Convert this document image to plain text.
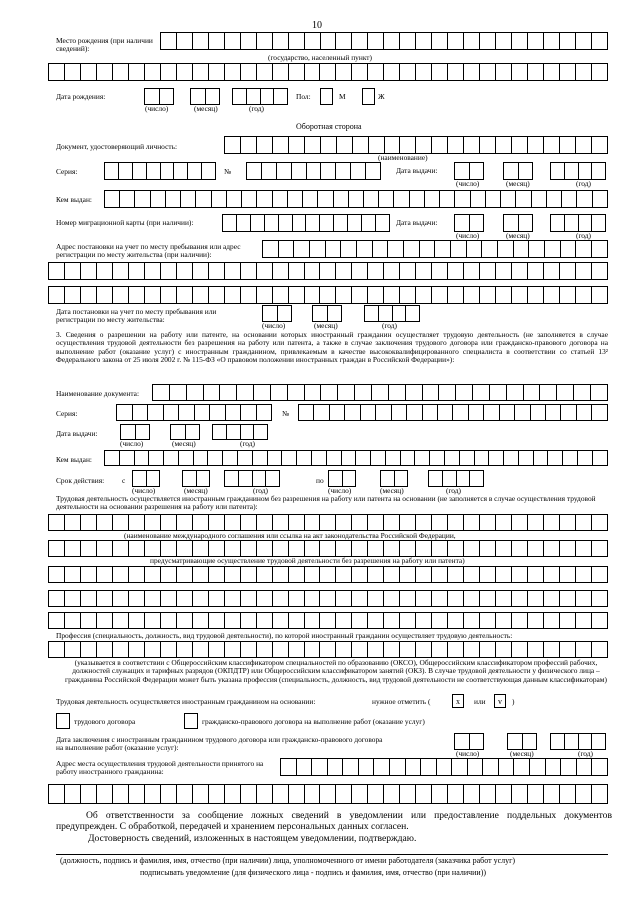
10
Место рождения (при наличии сведений):
(государство, населенный пункт)
Дата рождения:
(число)	(месяц)	(год)
Пол:	М	Ж
Оборотная сторона
Документ, удостоверяющий личность:
(наименование)
Серия:	№	Дата выдачи:
(число)	(месяц)	(год)
Кем выдан:
Номер миграционной карты (при наличии):	Дата выдачи:
(число)	(месяц)	(год)
Адрес постановки на учет по месту пребывания или адрес регистрации по месту жительства (при наличии):
Дата постановки на учет по месту пребывания или регистрации по месту жительства:
(число)	(месяц)	(год)
3. Сведения о разрешении на работу или патенте, на основании которых иностранный гражданин осуществляет трудовую деятельность (не заполняется в случае осуществления трудовой деятельности без разрешения на работу или патента, а также в случае заключения трудового договора или гражданско-правового договора на выполнение работ (оказание услуг) с иностранным гражданином, привлекаемым в качестве высококвалифицированного специалиста в соответствии со статьей 13² Федерального закона от 25 июля 2002 г. № 115-ФЗ «О правовом положении иностранных граждан в Российской Федерации»):
Наименование документа:
Серия:	№
Дата выдачи:
(число)	(месяц)	(год)
Кем выдан:
Срок действия: с
(число)	(месяц)	(год)
по
(число)	(месяц)	(год)
Трудовая деятельность осуществляется иностранным гражданином без разрешения на работу или патента на основании (не заполняется в случае осуществления трудовой деятельности на основании разрешения на работу или патента):
(наименование международного соглашения или ссылка на акт законодательства Российской Федерации,
предусматривающие осуществление трудовой деятельности без разрешения на работу или патента)
Профессия (специальность, должность, вид трудовой деятельности), по которой иностранный гражданин осуществляет трудовую деятельность:
(указывается в соответствии с Общероссийским классификатором специальностей по образованию (ОКСО), Общероссийским классификатором профессий рабочих, должностей служащих и тарифных разрядов (ОКПДТР) или Общероссийским классификатором занятий (ОКЗ). В случае трудовой деятельности у физического лица – гражданина Российской Федерации может быть указана профессия (специальность, должность, вид трудовой деятельности не соответствующая данным классификаторам)
Трудовая деятельность осуществляется иностранным гражданином на основании:	нужное отметить (	x	или	v	)
трудового договора	гражданско-правового договора на выполнение работ (оказание услуг)
Дата заключения с иностранным гражданином трудового договора или гражданско-правового договора на выполнение работ (оказание услуг):
(число)	(месяц)	(год)
Адрес места осуществления трудовой деятельности принятого на работу иностранного гражданина:
Об ответственности за сообщение ложных сведений в уведомлении или предоставление поддельных документов предупрежден. С обработкой, передачей и хранением персональных данных согласен.
Достоверность сведений, изложенных в настоящем уведомлении, подтверждаю.
(должность, подпись и фамилия, имя, отчество (при наличии) лица, уполномоченного от имени работодателя (заказчика работ услуг)
подписывать уведомление (для физического лица - подпись и фамилия, имя, отчество (при наличии))
